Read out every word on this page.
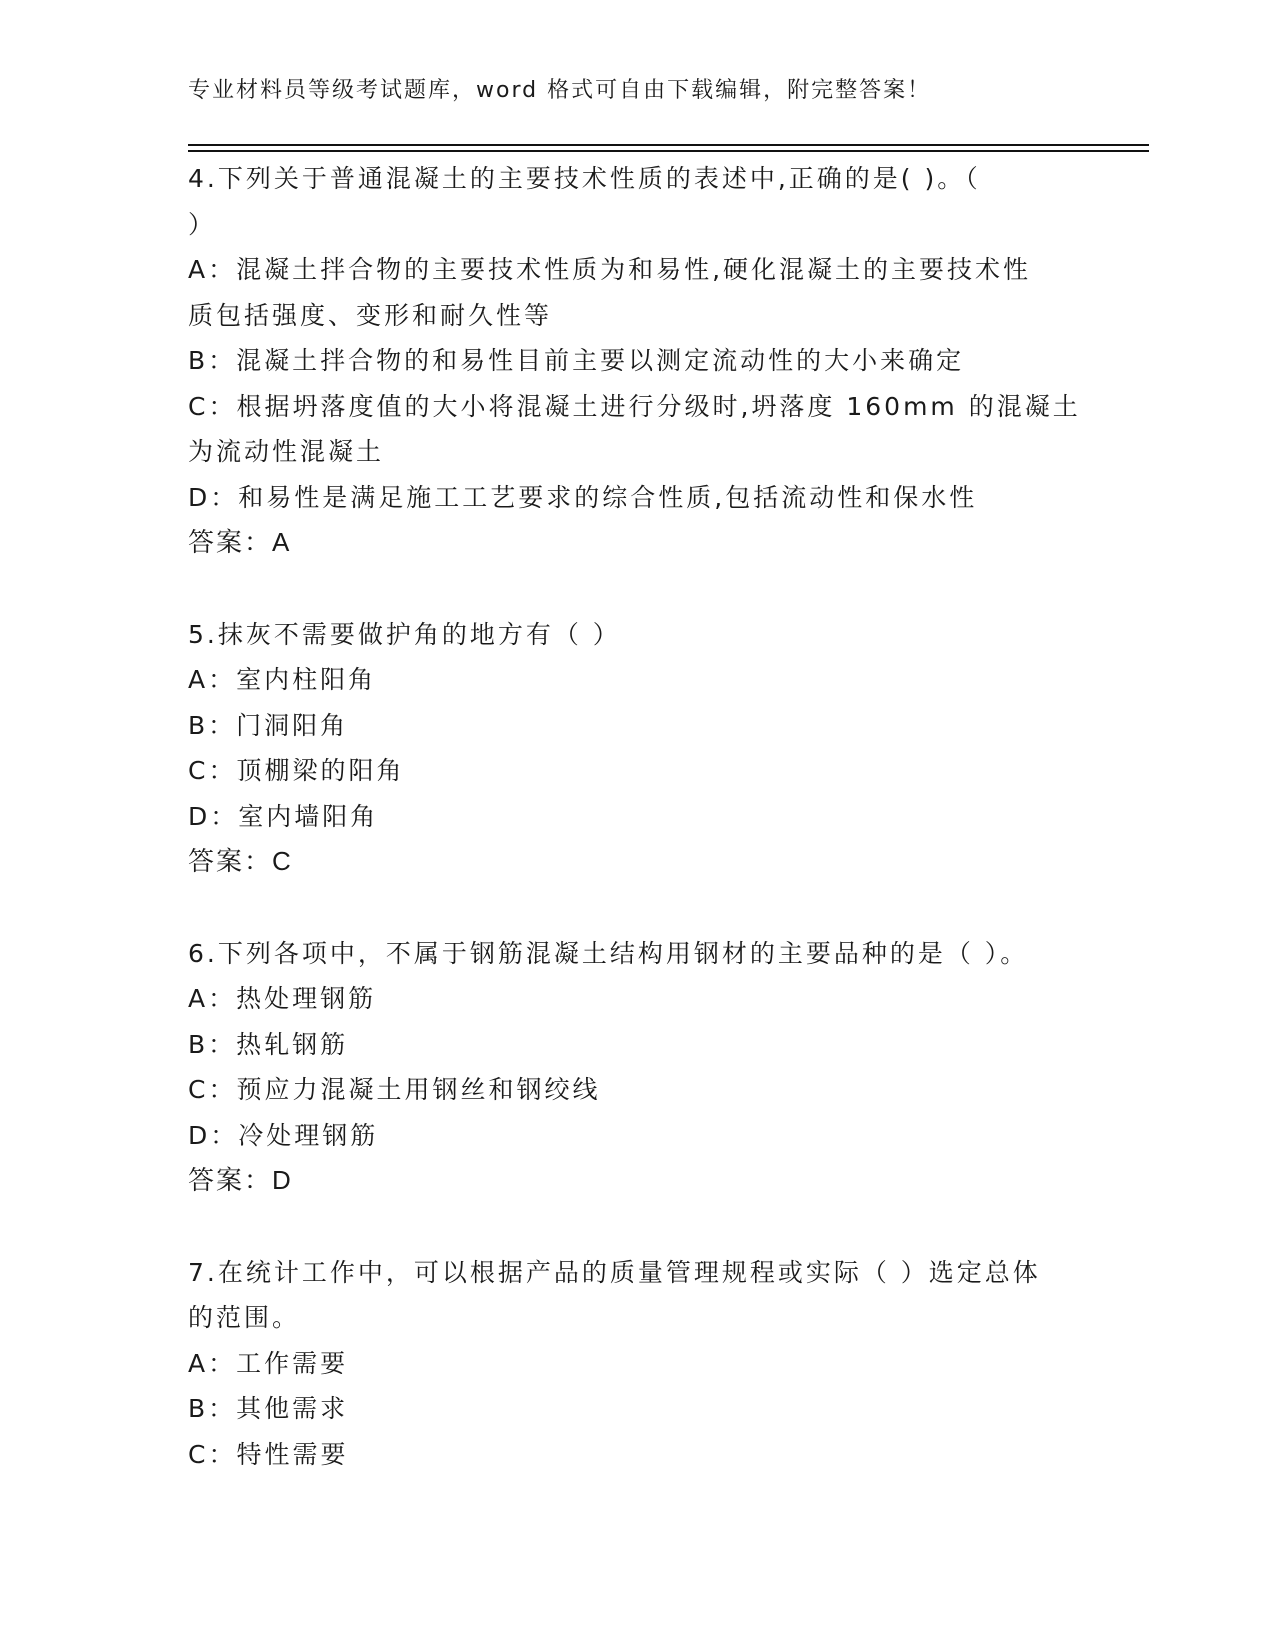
专业材料员等级考试题库，word 格式可自由下载编辑，附完整答案！
4.下列关于普通混凝土的主要技术性质的表述中,正确的是( )。（
）
A：混凝土拌合物的主要技术性质为和易性,硬化混凝土的主要技术性
质包括强度、变形和耐久性等
B：混凝土拌合物的和易性目前主要以测定流动性的大小来确定
C：根据坍落度值的大小将混凝土进行分级时,坍落度 160mm 的混凝土
为流动性混凝土
D：和易性是满足施工工艺要求的综合性质,包括流动性和保水性
答案：A
5.抹灰不需要做护角的地方有（ ）
A：室内柱阳角
B：门洞阳角
C：顶棚梁的阳角
D：室内墙阳角
答案：C
6.下列各项中，不属于钢筋混凝土结构用钢材的主要品种的是（ ）。
A：热处理钢筋
B：热轧钢筋
C：预应力混凝土用钢丝和钢绞线
D：冷处理钢筋
答案：D
7.在统计工作中，可以根据产品的质量管理规程或实际（ ）选定总体
的范围。
A：工作需要
B：其他需求
C：特性需要
